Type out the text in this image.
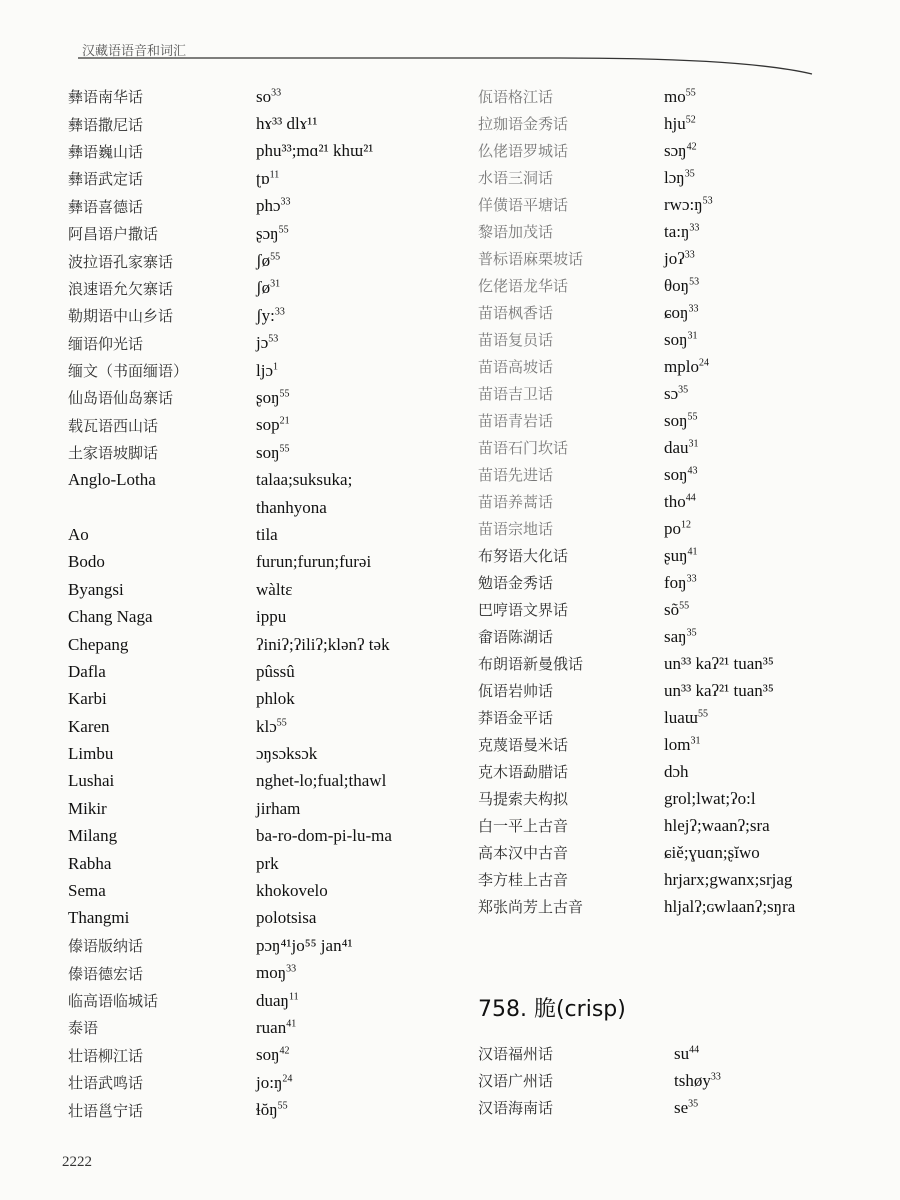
汉藏语语音和词汇
彝语南华话	$so^{33}$
彝语撒尼话	hɤ³³ dlɤ¹¹
彝语巍山话	phu³³;mɑ²¹ khɯ²¹
彝语武定话	ʈɒ$^{11}$
彝语喜德话	phɔ$^{33}$
阿昌语户撒话	ʂɔŋ$^{55}$
波拉语孔家寨话	ʃø$^{55}$
浪速语允欠寨话	ʃø$^{31}$
勒期语中山乡话	ʃy:$^{33}$
缅语仰光话	jɔ$^{53}$
缅文（书面缅语）	ljɔ$^1$
仙岛语仙岛寨话	ʂoŋ$^{55}$
载瓦语西山话	sop$^{21}$
土家语坡脚话	soŋ$^{55}$
Anglo-Lotha	talaa;suksuka;
thanhyona
Ao	tila
Bodo	furun;furun;furəi
Byangsi	wàltɛ
Chang Naga	ippu
Chepang	ʔiniʔ;ʔiliʔ;klənʔ tək
Dafla	pûssû
Karbi	phlok
Karen	klɔ$^{55}$
Limbu	ɔŋsɔksɔk
Lushai	nghet-lo;fual;thawl
Mikir	jirham
Milang	ba-ro-dom-pi-lu-ma
Rabha	prk
Sema	khokovelo
Thangmi	polotsisa
傣语版纳话	pɔŋ⁴¹jo⁵⁵ jan⁴¹
傣语德宏话	moŋ$^{33}$
临高语临城话	duaŋ$^{11}$
泰语	ruan$^{41}$
壮语柳江话	soŋ$^{42}$
壮语武鸣话	$jo:ŋ^{24}$
壮语邕宁话	ɬŏŋ$^{55}$
佤语格江话	$mo^{55}$
拉珈语金秀话	hju$^{52}$
仫佬语罗城话	sɔŋ$^{42}$
水语三洞话	lɔŋ$^{35}$
佯僙语平塘话	$rwɔ:ŋ^{53}$
黎语加茂话	$ta:ŋ^{33}$
普标语麻栗坡话	joʔ$^{33}$
仡佬语龙华话	θoŋ$^{53}$
苗语枫香话	ɕoŋ$^{33}$
苗语复员话	soŋ$^{31}$
苗语高坡话	mplo$^{24}$
苗语吉卫话	sɔ$^{35}$
苗语青岩话	soŋ$^{55}$
苗语石门坎话	dau$^{31}$
苗语先进话	soŋ$^{43}$
苗语养蒿话	tho$^{44}$
苗语宗地话	$po^{12}$
布努语大化话	ʂuŋ$^{41}$
勉语金秀话	foŋ$^{33}$
巴哼语文界话	$sõ^{55}$
畲语陈湖话	saŋ$^{35}$
布朗语新曼俄话	un³³ kaʔ²¹ tuan³⁵
佤语岩帅话	un³³ kaʔ²¹ tuan³⁵
莽语金平话	luaɯ$^{55}$
克蔑语曼米话	lom$^{31}$
克木语勐腊话	dɔh
马提索夫构拟	grol;lwat;ʔo:l
白一平上古音	hlejʔ;waanʔ;sra
高本汉中古音	ɕiě;ɣuɑn;ʂĭwo
李方桂上古音	hrjarx;gwanx;srjag
郑张尚芳上古音	hljalʔ;ɢwlaanʔ;sŋra
758. 脆(crisp)
汉语福州话	$su^{44}$
汉语广州话	tshøy$^{33}$
汉语海南话	$se^{35}$
2222
